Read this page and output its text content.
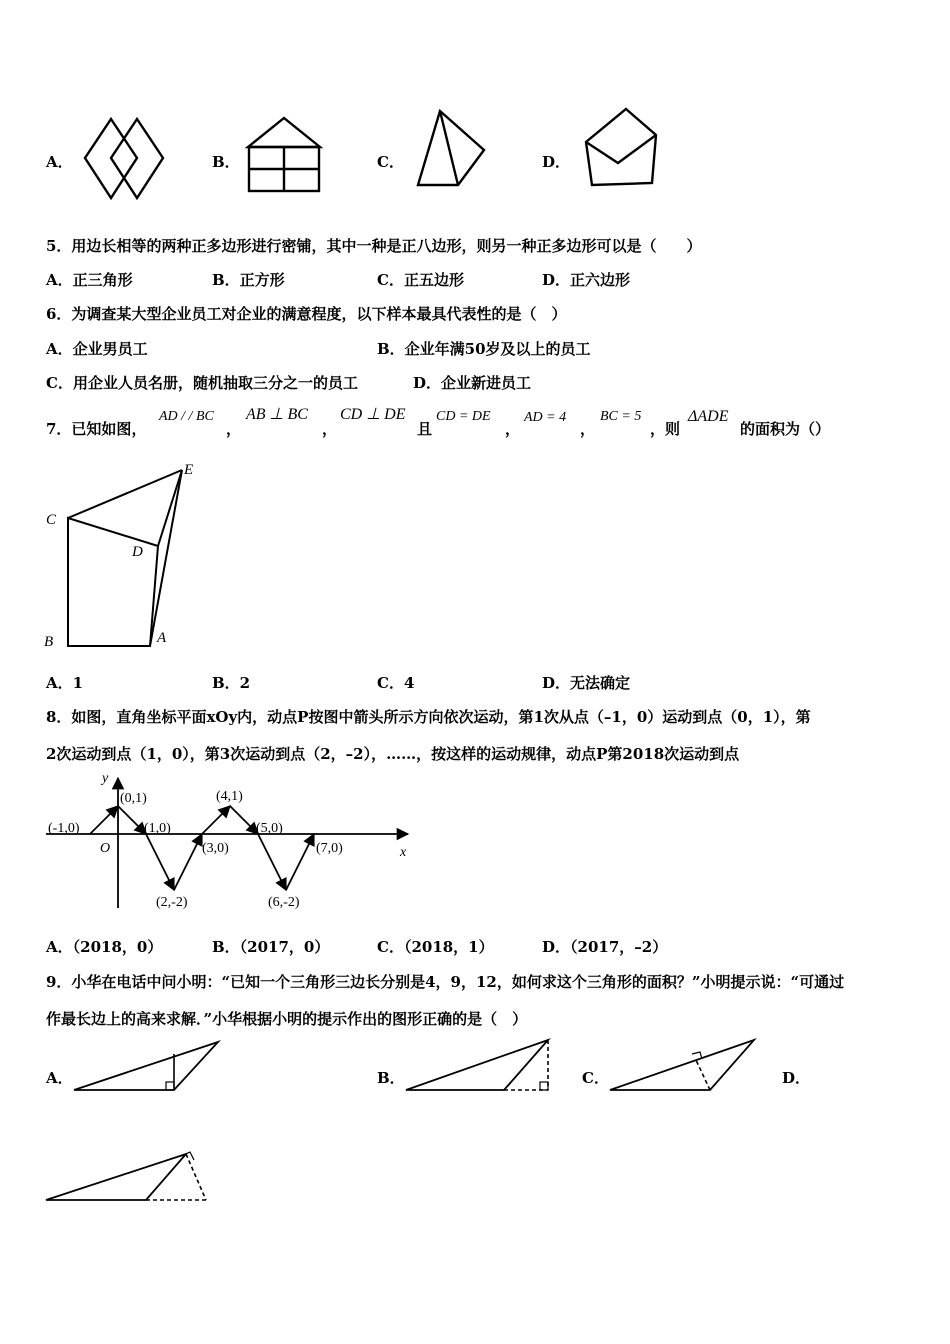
A．	B．	C．	D．
5．用边长相等的两种正多边形进行密铺，其中一种是正八边形，则另一种正多边形可以是（　　）
A．正三角形	B．正方形	C．正五边形	D．正六边形
6．为调查某大型企业员工对企业的满意程度，以下样本最具代表性的是（　）
A．企业男员工	B．企业年满50岁及以上的员工
C．用企业人员名册，随机抽取三分之一的员工	D．企业新进员工
7．已知如图，
AD / / BC
，
AB ⊥ BC
，
CD ⊥ DE
且
CD = DE
，
AD = 4
，
BC = 5
，则
ΔADE
的面积为（）
C
D
E
B	A
A．1	B．2	C．4	D．无法确定
8．如图，直角坐标平面xOy内，动点P按图中箭头所示方向依次运动，第1次从点（–1，0）运动到点（0，1），第
2次运动到点（1，0），第3次运动到点（2，–2），……，按这样的运动规律，动点P第2018次运动到点
(-1,0)
(0,1)
(1,0)
(2,-2)
(3,0)
(4,1)
(5,0)
(6,-2)
(7,0)
O	x
y
A．（2018，0）	B．（2017，0）	C．（2018，1）	D．（2017，–2）
9．小华在电话中问小明：“已知一个三角形三边长分别是4，9，12，如何求这个三角形的面积？”小明提示说：“可通过
作最长边上的高来求解．”小华根据小明的提示作出的图形正确的是（　）
A．	B．	C．	D．
